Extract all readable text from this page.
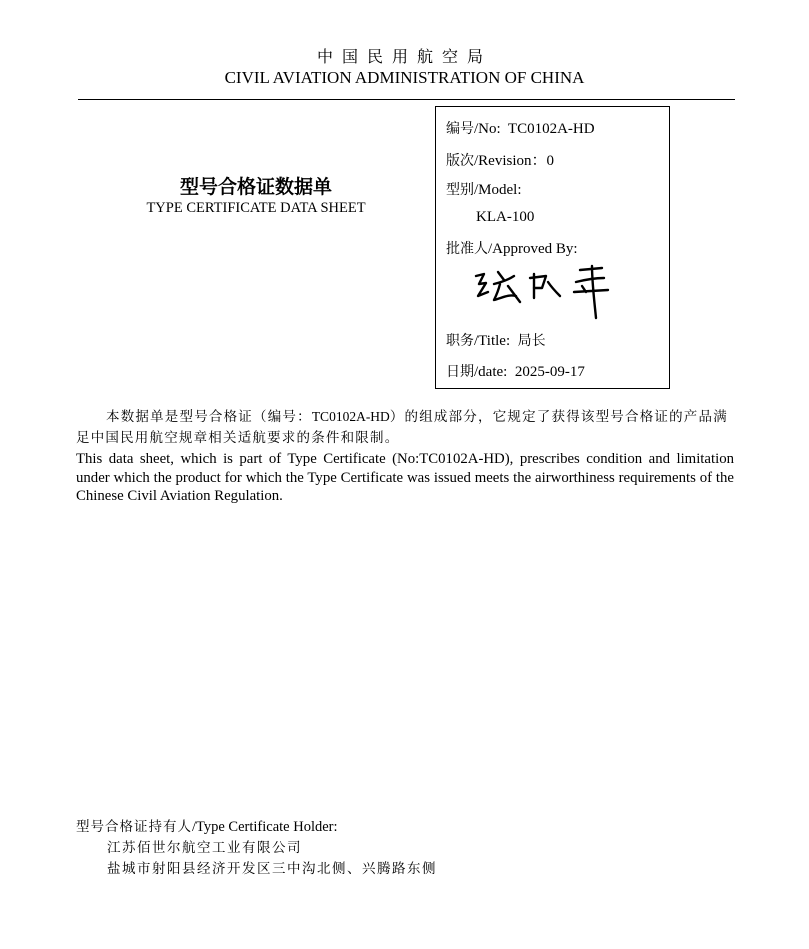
中国民用航空局
CIVIL AVIATION ADMINISTRATION OF CHINA
型号合格证数据单
TYPE CERTIFICATE DATA SHEET
编号/No: TC0102A-HD
版次/Revision：0
型别/Model:
KLA-100
批准人/Approved By:
职务/Title: 局长
日期/date: 2025-09-17
本数据单是型号合格证（编号：TC0102A-HD）的组成部分，它规定了获得该型号合格证的产品满足中国民用航空规章相关适航要求的条件和限制。
This data sheet, which is part of Type Certificate (No:TC0102A-HD), prescribes condition and limitation under which the product for which the Type Certificate was issued meets the airworthiness requirements of the Chinese Civil Aviation Regulation.
型号合格证持有人/Type Certificate Holder:
江苏佰世尔航空工业有限公司
盐城市射阳县经济开发区三中沟北侧、兴腾路东侧
